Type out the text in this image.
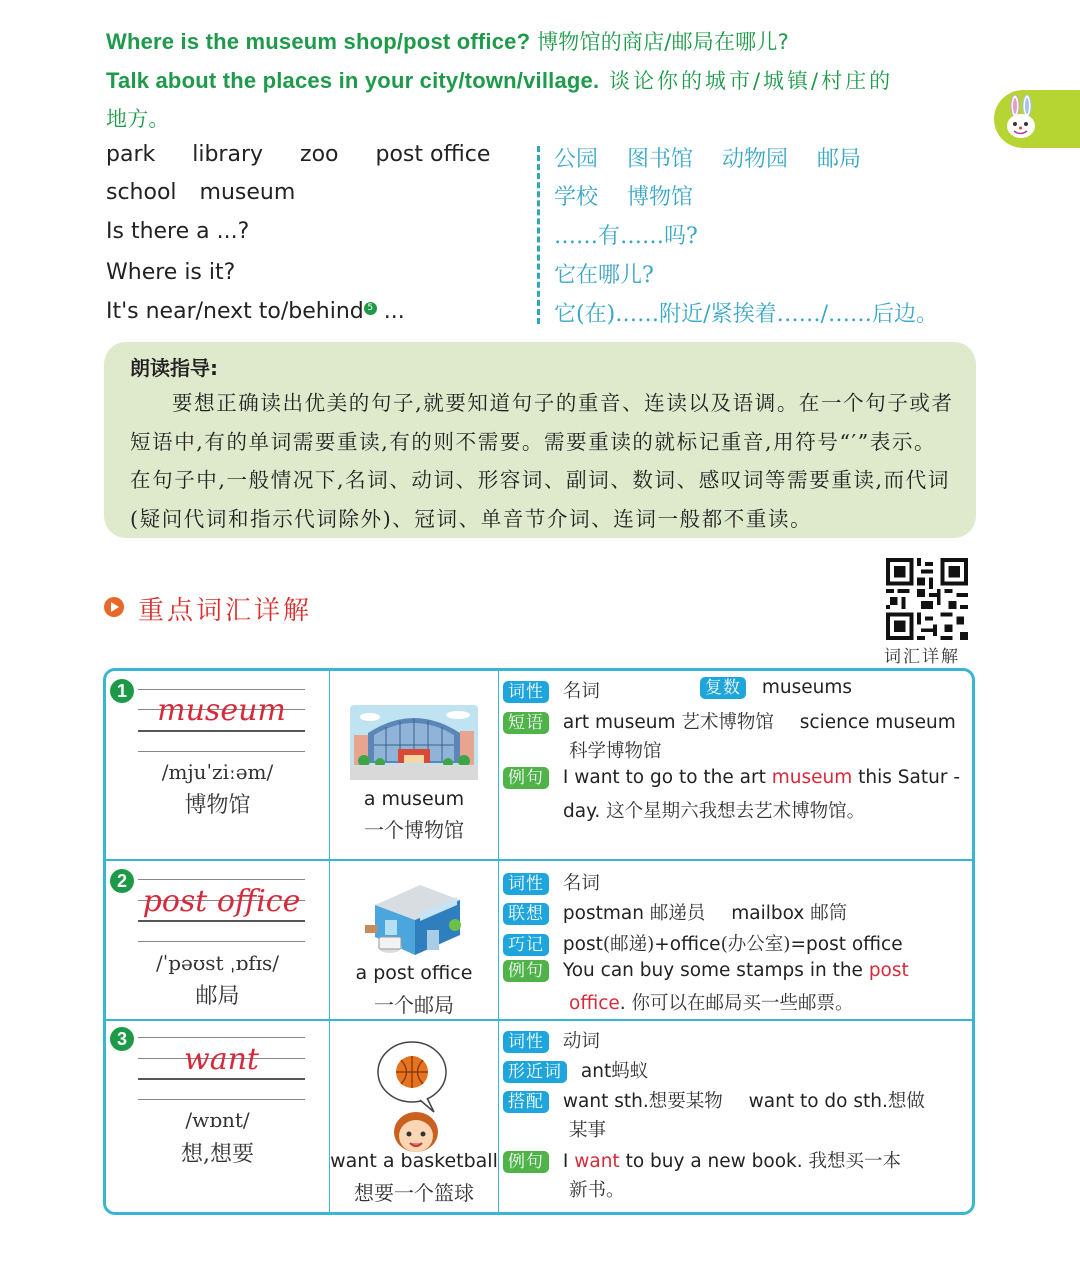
Where is the museum shop/post office? 博物馆的商店/邮局在哪儿?
Talk about the places in your city/town/village. 谈论你的城市/城镇/村庄的
地方。
park library zoo post office
school museum
Is there a ...?
Where is it?
It's near/next to/behind $^5$ ...
公园 图书馆 动物园 邮局
学校 博物馆
……有……吗?
它在哪儿?
它(在)……附近/紧挨着……/……后边。
朗读指导:
要想正确读出优美的句子,就要知道句子的重音、连读以及语调。在一个句子或者短语中,有的单词需要重读,有的则不需要。需要重读的就标记重音,用符号“′”表示。在句子中,一般情况下,名词、动词、形容词、副词、数词、感叹词等需要重读,而代词(疑问代词和指示代词除外)、冠词、单音节介词、连词一般都不重读。
重点词汇详解
词汇详解
1
museum
/mjuˈziːəm/
博物馆	a museum
一个博物馆
词性 名词	复数 museums
短语 art museum 艺术博物馆 science museum
科学博物馆
例句 I want to go to the art museum this Satur -
day. 这个星期六我想去艺术博物馆。
2
post office
/ˈpəʊst ˌɒfɪs/
邮局
a post office
一个邮局
词性 名词
联想 postman 邮递员 mailbox 邮筒
巧记 post(邮递)+office(办公室)=post office
例句 You can buy some stamps in the post
office. 你可以在邮局买一些邮票。
3
want
/wɒnt/
想,想要	want a basketball
想要一个篮球
词性 动词
形近词 ant蚂蚁
搭配 want sth.想要某物 want to do sth.想做
某事
例句 I want to buy a new book. 我想买一本
新书。
